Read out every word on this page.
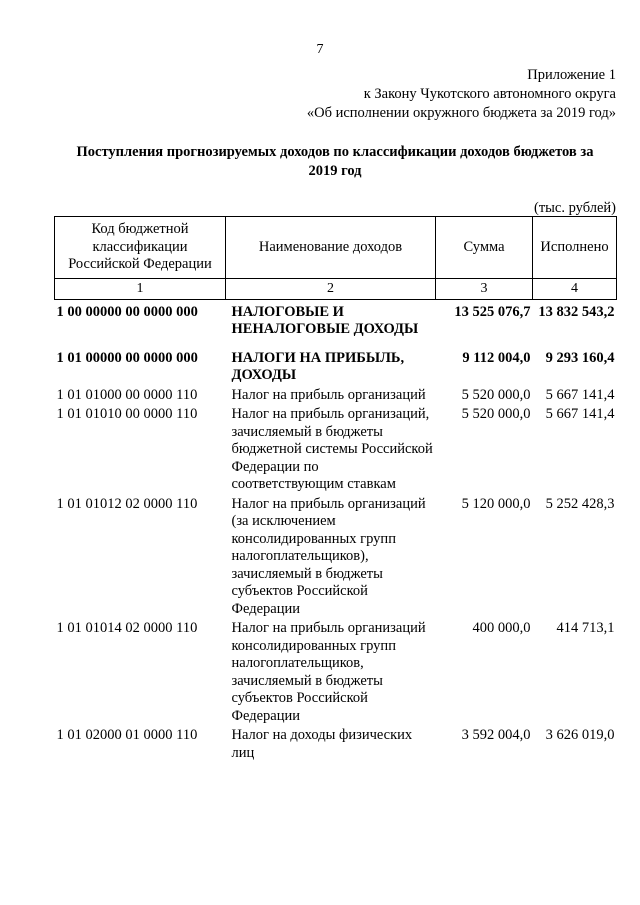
7
Приложение 1
к Закону Чукотского автономного округа
«Об исполнении окружного бюджета за 2019 год»
Поступления прогнозируемых доходов по классификации доходов бюджетов за
2019 год
(тыс. рублей)
Код бюджетной классификации Российской Федерации	Наименование доходов	Сумма	Исполнено
1	2	3	4
1 00 00000 00 0000 000	НАЛОГОВЫЕ И НЕНАЛОГОВЫЕ ДОХОДЫ	13 525 076,7	13 832 543,2
1 01 00000 00 0000 000	НАЛОГИ НА ПРИБЫЛЬ, ДОХОДЫ	9 112 004,0	9 293 160,4
1 01 01000 00 0000 110	Налог на прибыль организаций	5 520 000,0	5 667 141,4
1 01 01010 00 0000 110	Налог на прибыль организаций, зачисляемый в бюджеты бюджетной системы Российской Федерации по соответствующим ставкам	5 520 000,0	5 667 141,4
1 01 01012 02 0000 110	Налог на прибыль организаций (за исключением консолидированных групп налогоплательщиков), зачисляемый в бюджеты субъектов Российской Федерации	5 120 000,0	5 252 428,3
1 01 01014 02 0000 110	Налог на прибыль организаций консолидированных групп налогоплательщиков, зачисляемый в бюджеты субъектов Российской Федерации	400 000,0	414 713,1
1 01 02000 01 0000 110	Налог на доходы физических лиц	3 592 004,0	3 626 019,0
